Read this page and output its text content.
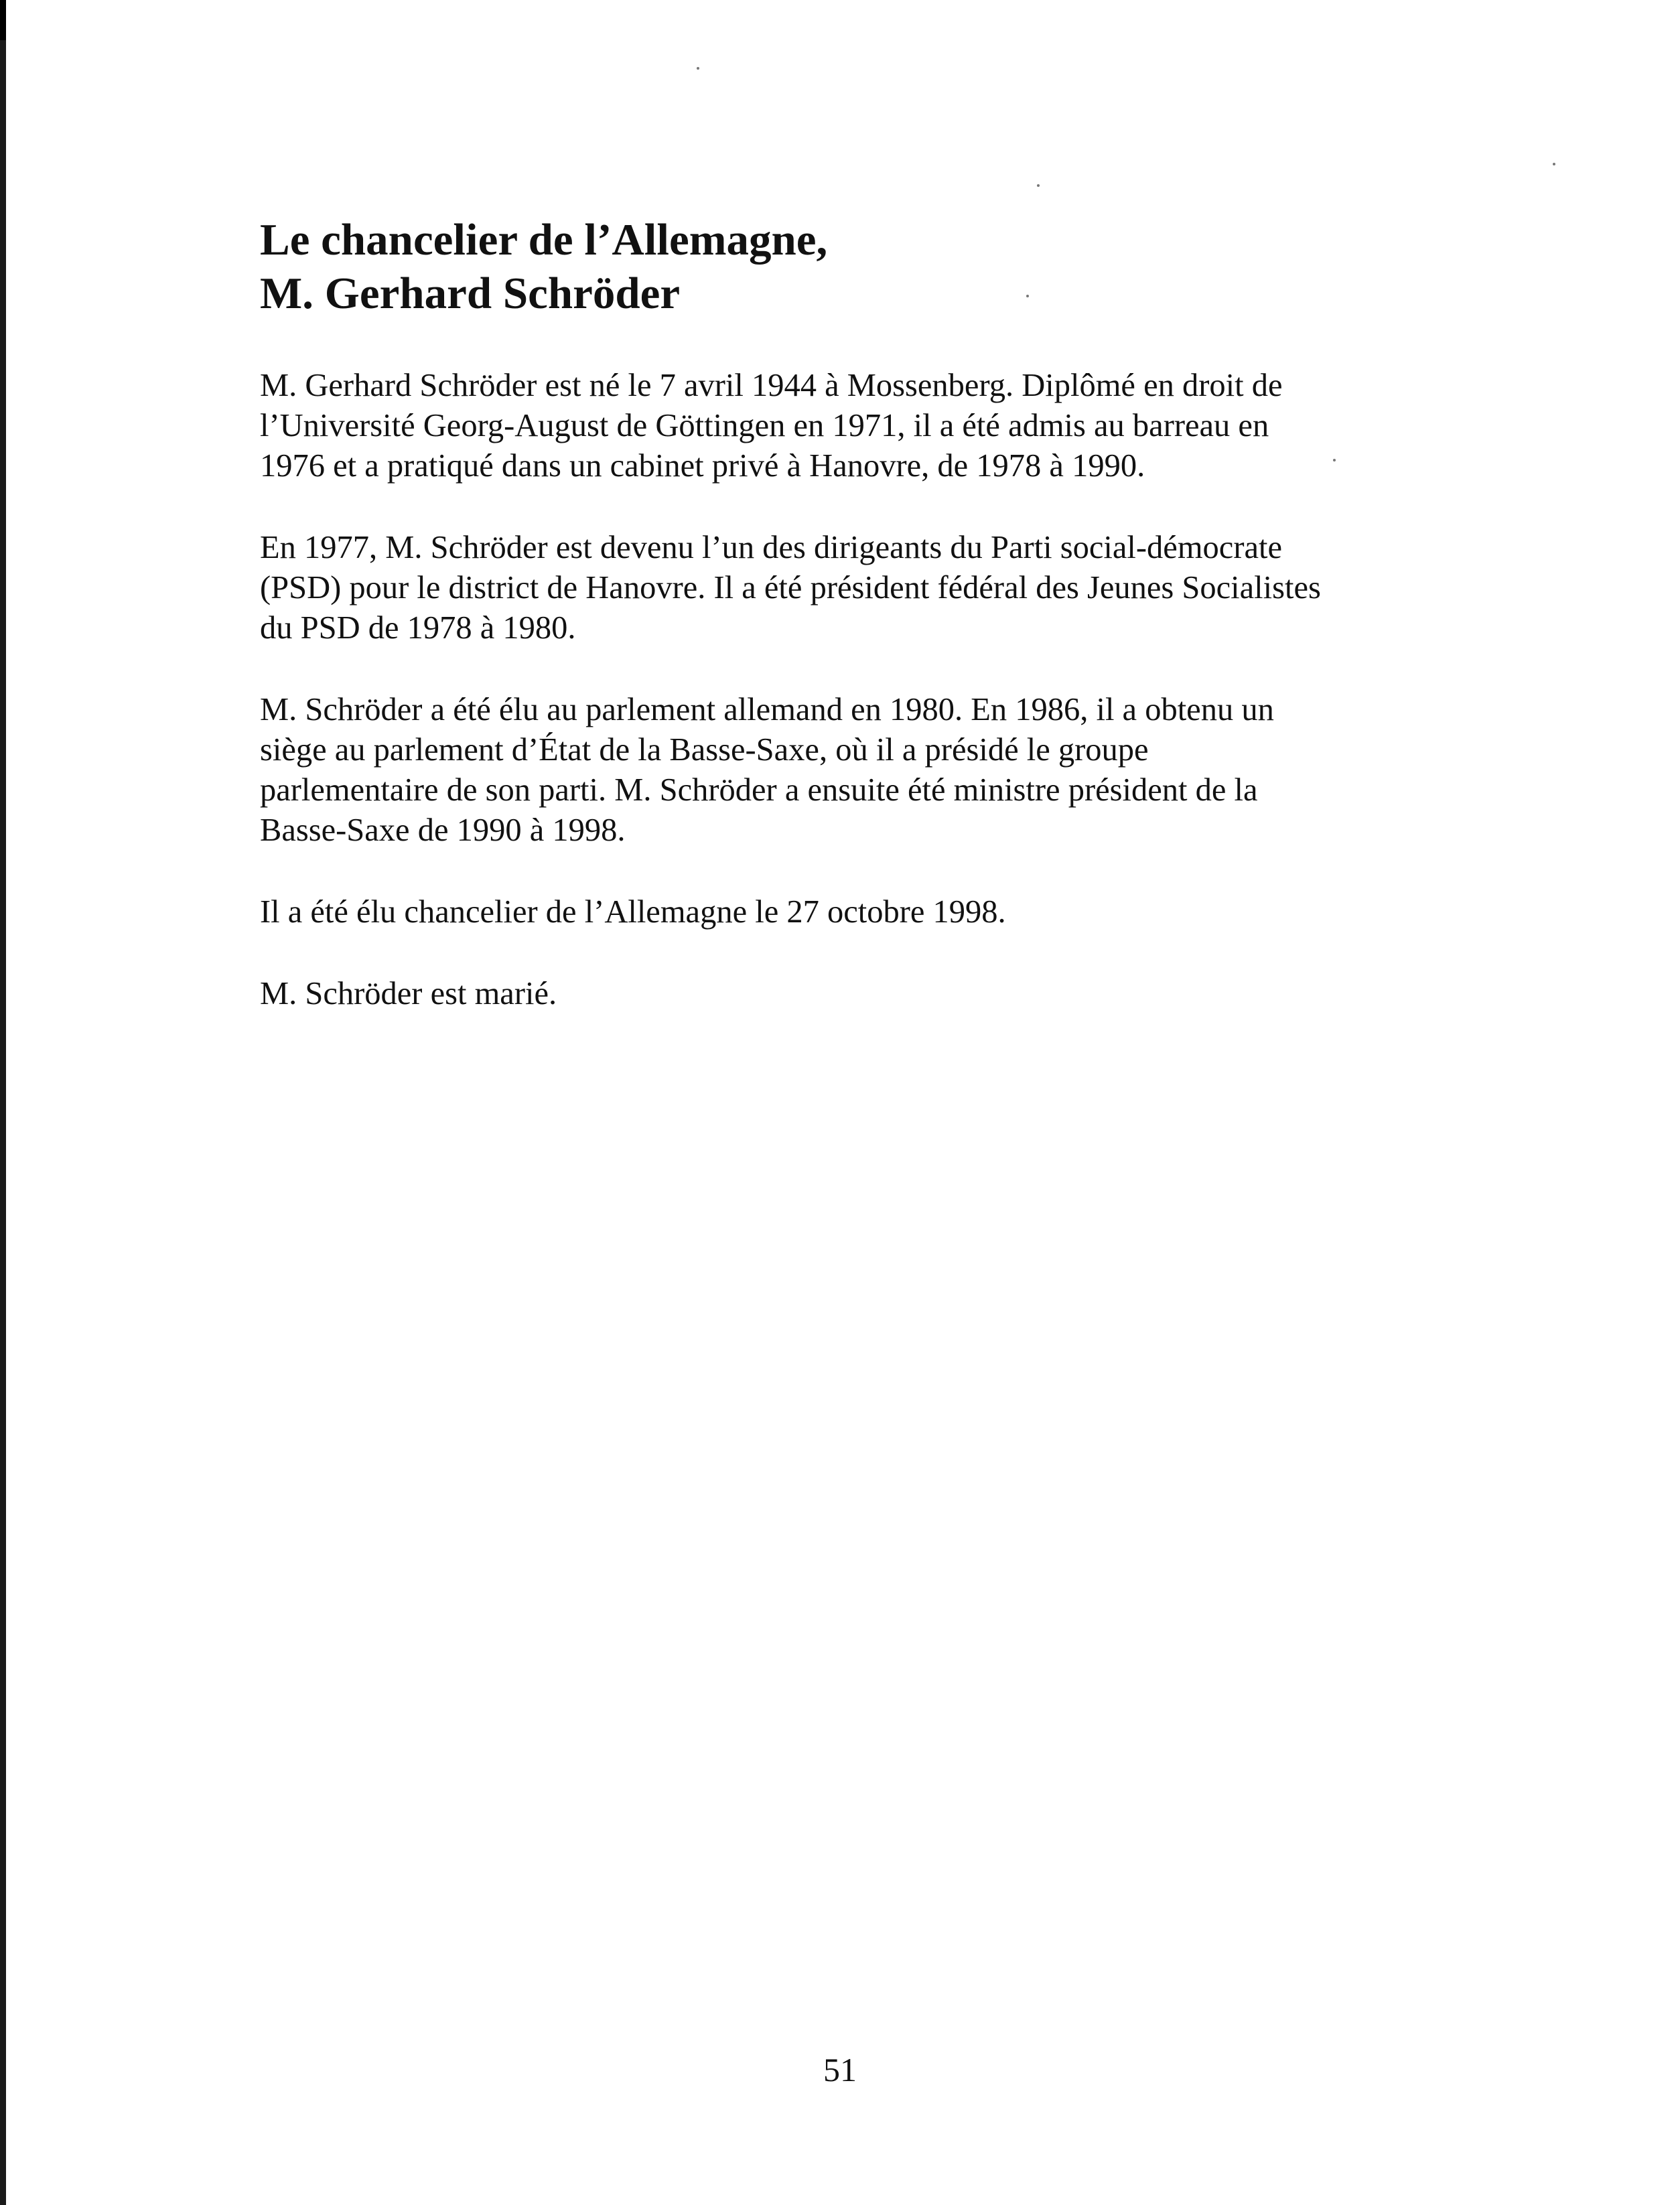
Le chancelier de l’Allemagne,
M. Gerhard Schröder

M. Gerhard Schröder est né le 7 avril 1944 à Mossenberg. Diplômé en droit de
l’Université Georg-August de Göttingen en 1971, il a été admis au barreau en
1976 et a pratiqué dans un cabinet privé à Hanovre, de 1978 à 1990.

En 1977, M. Schröder est devenu l’un des dirigeants du Parti social-démocrate
(PSD) pour le district de Hanovre. Il a été président fédéral des Jeunes Socialistes
du PSD de 1978 à 1980.

M. Schröder a été élu au parlement allemand en 1980. En 1986, il a obtenu un
siège au parlement d’État de la Basse-Saxe, où il a présidé le groupe
parlementaire de son parti. M. Schröder a ensuite été ministre président de la
Basse-Saxe de 1990 à 1998.

Il a été élu chancelier de l’Allemagne le 27 octobre 1998.

M. Schröder est marié.

51
